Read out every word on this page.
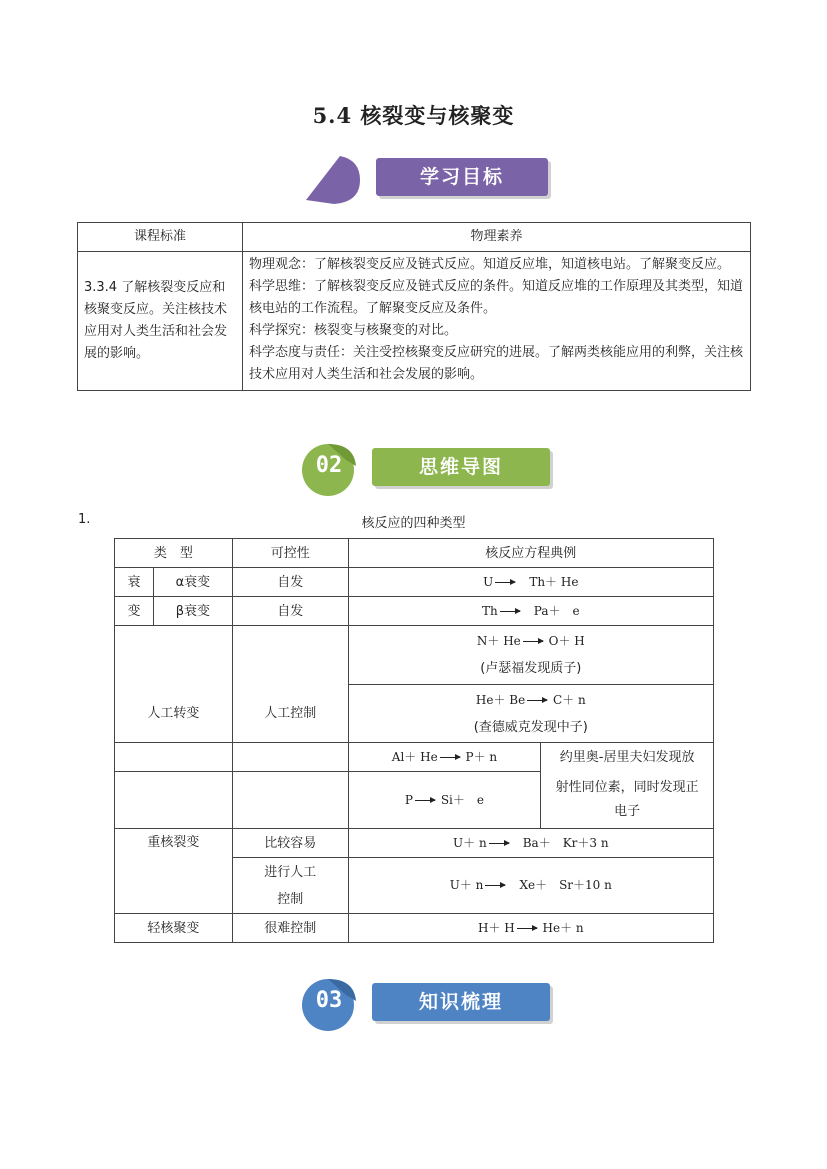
5.4 核裂变与核聚变
学习目标
课程标准	物理素养
3.3.4 了解核裂变反应和核聚变反应。关注核技术应用对人类生活和社会发展的影响。	物理观念：了解核裂变反应及链式反应。知道反应堆，知道核电站。了解聚变反应。

科学思维：了解核裂变反应及链式反应的条件。知道反应堆的工作原理及其类型，知道核电站的工作流程。了解聚变反应及条件。

科学探究：核裂变与核聚变的对比。

科学态度与责任：关注受控核聚变反应研究的进展。了解两类核能应用的利弊，关注核技术应用对人类生活和社会发展的影响。

02	思维导图
1.	核反应的四种类型
类　型		可控性	核反应方程典例	
衰	α衰变	自发	U　 Th＋ He	
变	β衰变	自发	Th　 Pa＋　e	

			N＋ He O＋ H
(卢瑟福发现质子)	

人工转变		人工控制	He＋ Be C＋ n
(查德威克发现中子)	

			Al＋ He P＋ n	约里奥-居里夫妇发现放
			P Si＋　e	射性同位素，同时发现正
电子

重核裂变		比较容易	U＋ n　 Ba＋　Kr＋3 n	

		进行人工
控制	U＋ n　 Xe＋　Sr＋10 n	
轻核聚变		很难控制	H＋ H He＋ n	
03	知识梳理
